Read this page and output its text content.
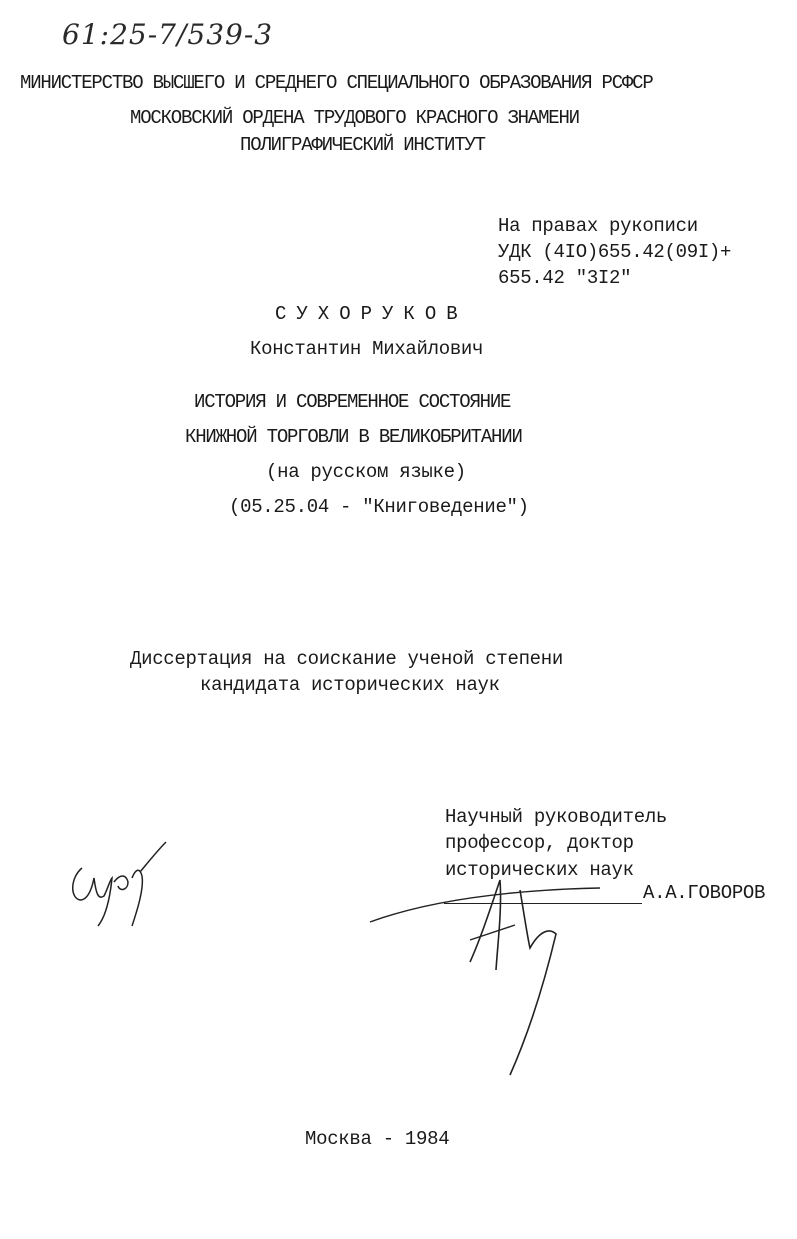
61:25-7/539-3
МИНИСТЕРСТВО ВЫСШЕГО И СРЕДНЕГО СПЕЦИАЛЬНОГО ОБРАЗОВАНИЯ РСФСР
МОСКОВСКИЙ ОРДЕНА ТРУДОВОГО КРАСНОГО ЗНАМЕНИ
ПОЛИГРАФИЧЕСКИЙ ИНСТИТУТ
На правах рукописи
УДК (4IO)655.42(09I)+
655.42 "3I2"
СУХОРУКОВ
Константин Михайлович
ИСТОРИЯ И СОВРЕМЕННОЕ СОСТОЯНИЕ
КНИЖНОЙ ТОРГОВЛИ В ВЕЛИКОБРИТАНИИ
(на русском языке)
(05.25.04 - "Книговедение")
Диссертация на соискание ученой степени
кандидата исторических наук
Научный руководитель
профессор, доктор
исторических наук
А.А.ГОВОРОВ
Москва - 1984
